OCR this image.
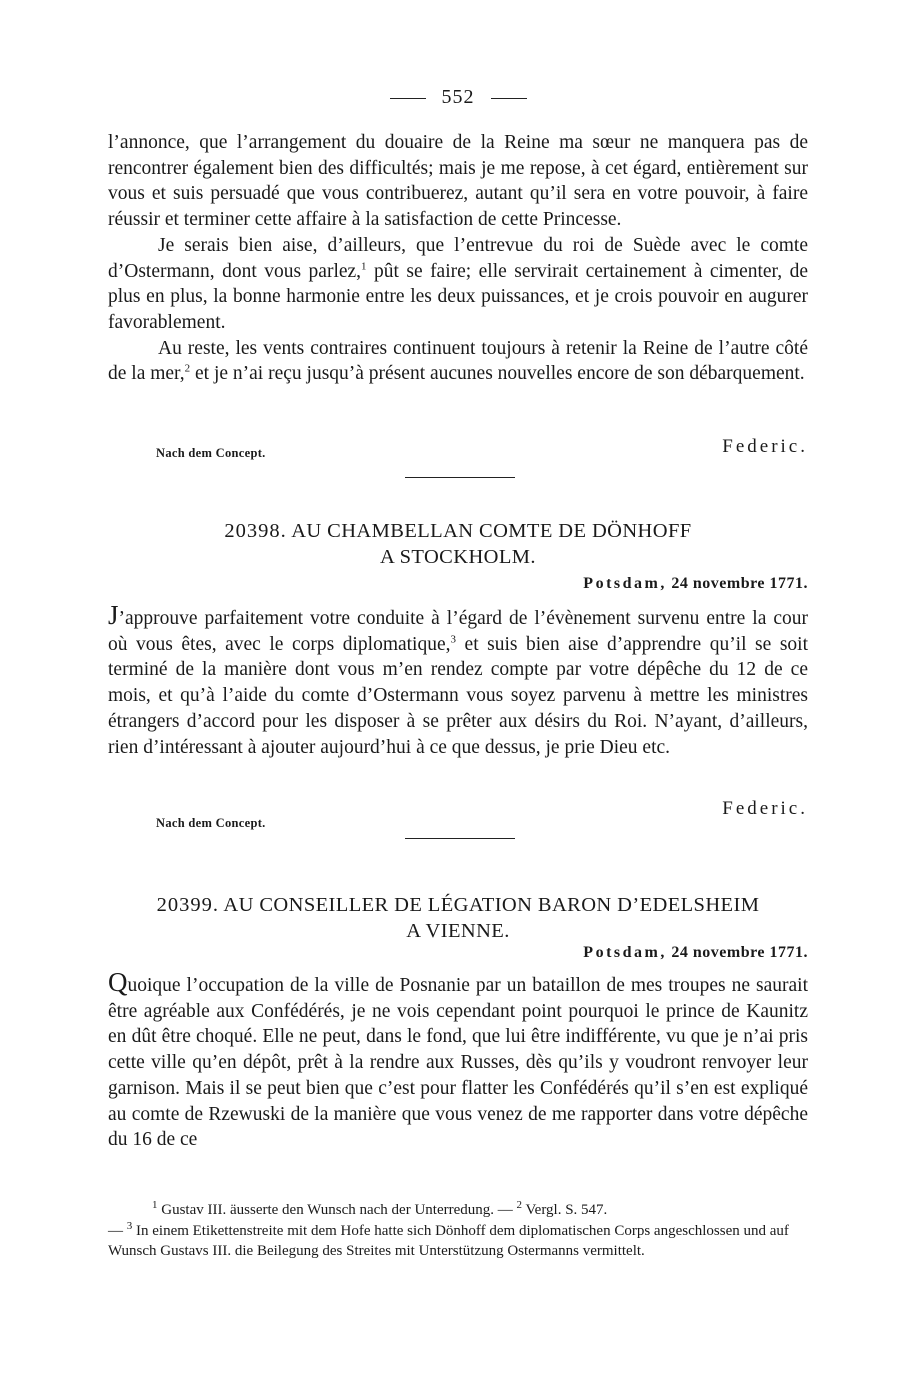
552

l’annonce, que l’arrangement du douaire de la Reine ma sœur ne manquera pas de rencontrer également bien des difficultés; mais je me repose, à cet égard, entièrement sur vous et suis persuadé que vous contribuerez, autant qu’il sera en votre pouvoir, à faire réussir et terminer cette affaire à la satisfaction de cette Princesse.

Je serais bien aise, d’ailleurs, que l’entrevue du roi de Suède avec le comte d’Ostermann, dont vous parlez,$^1$ pût se faire; elle servirait certainement à cimenter, de plus en plus, la bonne harmonie entre les deux puissances, et je crois pouvoir en augurer favorablement.

Au reste, les vents contraires continuent toujours à retenir la Reine de l’autre côté de la mer,$^2$ et je n’ai reçu jusqu’à présent aucunes nouvelles encore de son débarquement.

Federic.
Nach dem Concept.
20398. AU CHAMBELLAN COMTE DE DÖNHOFF
A STOCKHOLM.
Potsdam, 24 novembre 1771.

J’approuve parfaitement votre conduite à l’égard de l’évènement survenu entre la cour où vous êtes, avec le corps diplomatique,$^3$ et suis bien aise d’apprendre qu’il se soit terminé de la manière dont vous m’en rendez compte par votre dépêche du 12 de ce mois, et qu’à l’aide du comte d’Ostermann vous soyez parvenu à mettre les ministres étrangers d’accord pour les disposer à se prêter aux désirs du Roi. N’ayant, d’ailleurs, rien d’intéressant à ajouter aujourd’hui à ce que dessus, je prie Dieu etc.

Federic.
Nach dem Concept.
20399. AU CONSEILLER DE LÉGATION BARON D’EDELSHEIM
A VIENNE.
Potsdam, 24 novembre 1771.

Quoique l’occupation de la ville de Posnanie par un bataillon de mes troupes ne saurait être agréable aux Confédérés, je ne vois cependant point pourquoi le prince de Kaunitz en dût être choqué. Elle ne peut, dans le fond, que lui être indifférente, vu que je n’ai pris cette ville qu’en dépôt, prêt à la rendre aux Russes, dès qu’ils y voudront renvoyer leur garnison. Mais il se peut bien que c’est pour flatter les Confédérés qu’il s’en est expliqué au comte de Rzewuski de la manière que vous venez de me rapporter dans votre dépêche du 16 de ce

$^1$ Gustav III. äusserte den Wunsch nach der Unterredung. — $^2$ Vergl. S. 547.

— $^3$ In einem Etikettenstreite mit dem Hofe hatte sich Dönhoff dem diplomatischen Corps angeschlossen und auf Wunsch Gustavs III. die Beilegung des Streites mit Unterstützung Ostermanns vermittelt.
